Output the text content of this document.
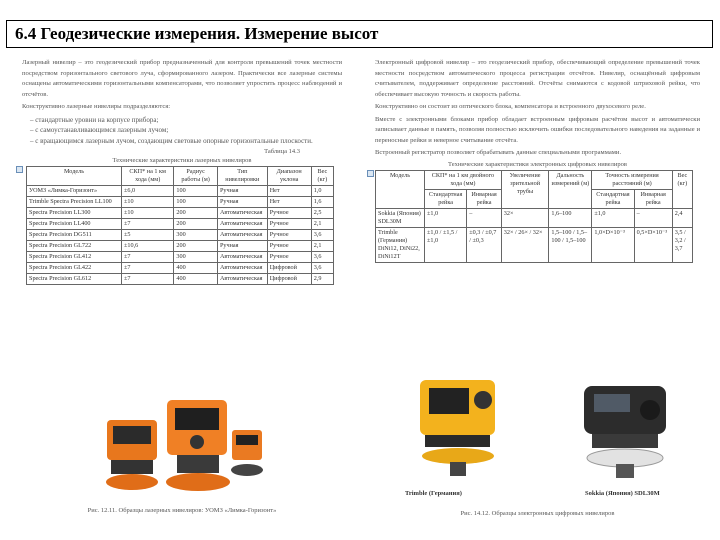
6.4 Геодезические измерения. Измерение высот

Лазерный нивелир – это геодезический прибор предназначенный для контроля превышений точек местности посредством горизонтального светового луча, сформированного лазером. Практически все лазерные системы оснащены автоматическими горизонтальными компенсаторами, что позволяет упростить процесс наблюдений и отсчётов.

Конструктивно лазерные нивелиры подразделяются:

– стандартные уровни на корпусе прибора;
– с самоустанавливающимся лазерным лучом;
– с вращающимся лазерным лучом, создающим световые опорные горизонтальные плоскости.
Таблица 14.3
Технические характеристики лазерных нивелиров
Модель	СКП* на 1 км хода (мм)	Радиус работы (м)	Тип нивелировки	Диапазон уклона	Вес (кг)
УОМЗ «Лимка-Горизонт»	±6,0	100	Ручная	Нет	1,0
Trimble Spectra Precision LL100	±10	100	Ручная	Нет	1,6
Spectra Precision LL300	±10	200	Автоматическая	Ручное	2,5
Spectra Precision LL400	±7	200	Автоматическая	Ручное	2,1
Spectra Precision DG511	±5	300	Автоматическая	Ручное	3,6
Spectra Precision GL722	±10,6	200	Ручная	Ручное	2,1
Spectra Precision GL412	±7	300	Автоматическая	Ручное	3,6
Spectra Precision GL422	±7	400	Автоматическая	Цифровой	3,6
Spectra Precision GL612	±7	400	Автоматическая	Цифровой	2,9
Рис. 12.11. Образцы лазерных нивелиров: УОМЗ «Лимка-Горизонт»

Электронный цифровой нивелир – это геодезический прибор, обеспечивающий определение превышений точек местности посредством автоматического процесса регистрации отсчётов. Нивелир, оснащённый цифровым считывателем, поддерживает определение расстояний. Отсчёты снимаются с кодовой штриховой рейки, что обеспечивает высокую точность и скорость работы.

Конструктивно он состоит из оптического блока, компенсатора и встроенного двухосевого реле.

Вместе с электронными блоками прибор обладает встроенным цифровым расчётом высот и автоматически записывает данные в память, позволяя полностью исключить ошибки последовательного наведения на заданные и переносные рейки и неверное считывание отсчёта.

Встроенный регистратор позволяет обрабатывать данные специальными программами.

Технические характеристики электронных цифровых нивелиров
Модель	СКП* на 1 км двойного хода (мм)		Увеличение зрительной трубы	Дальность измерений (м)	Точность измерения расстояний (м)		Вес (кг)
	Стандартная рейка	Инварная рейка			Стандартная рейка	Инварная рейка	
Sokkia (Япония) SDL30M	±1,0	–	32×	1,6–100	±1,0	–	2,4
Trimble (Германия) DiNi12, DiNi22, DiNi12T	±1,0 / ±1,5 / ±1,0	±0,3 / ±0,7 / ±0,3	32× / 26× / 32×	1,5–100 / 1,5–100 / 1,5–100	1,0×D×10⁻³	0,5×D×10⁻³	3,5 / 3,2 / 3,7
Trimble (Германия)	Sokkia (Япония) SDL30M
Рис. 14.12. Образцы электронных цифровых нивелиров
